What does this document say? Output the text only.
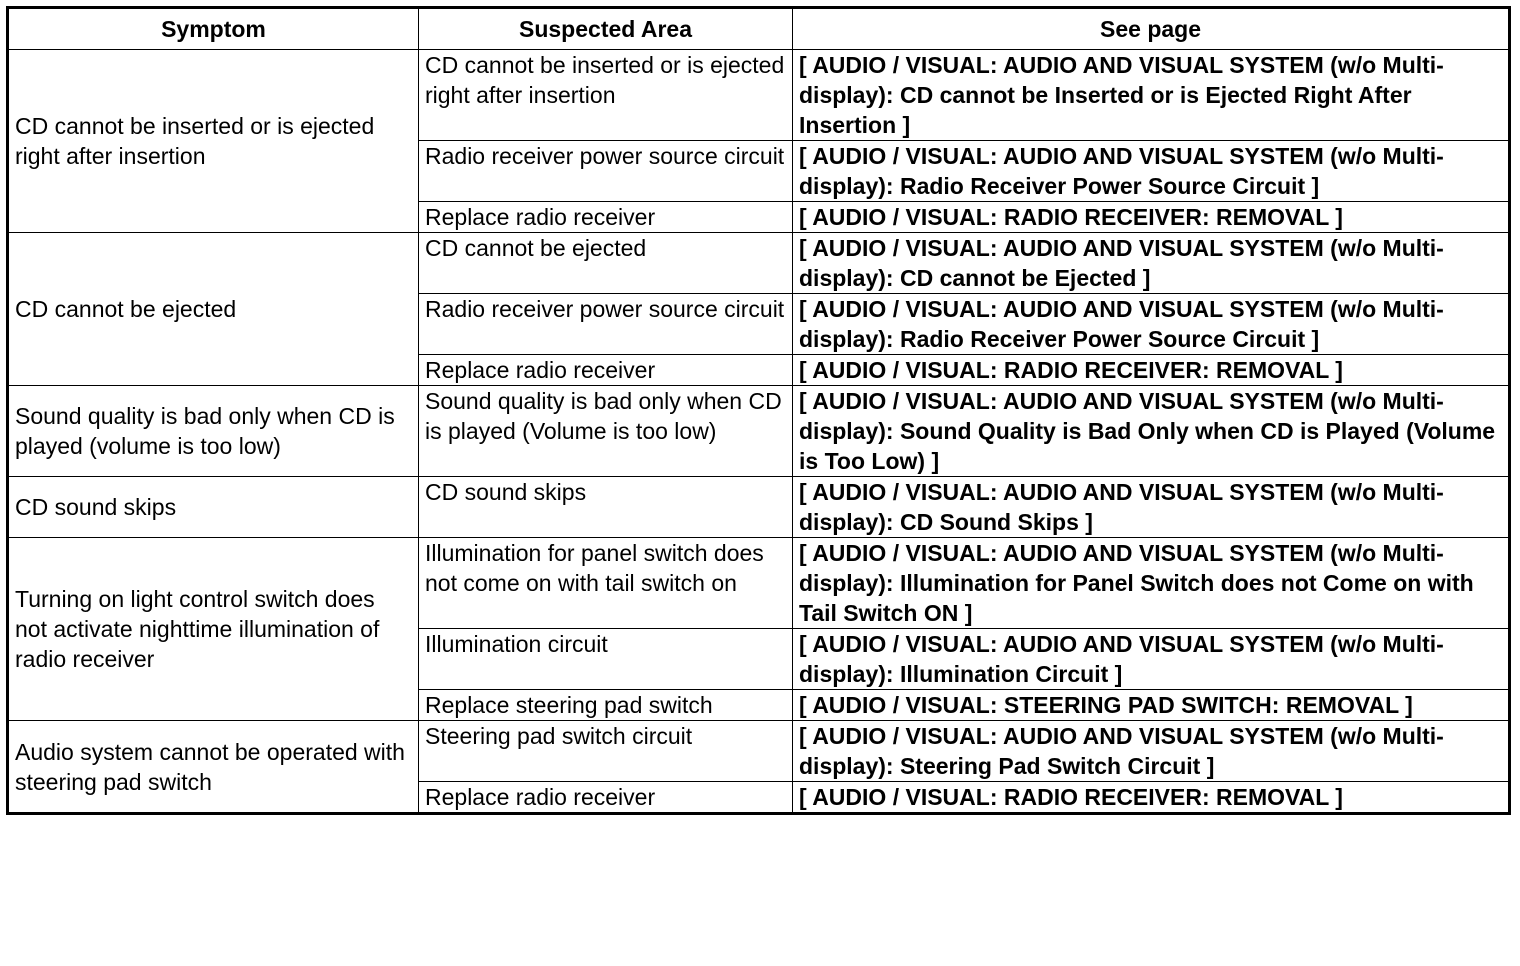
Symptom	Suspected Area	See page
CD cannot be inserted or is ejected right after insertion	CD cannot be inserted or is ejected right after insertion	[ AUDIO / VISUAL: AUDIO AND VISUAL SYSTEM (w/o Multi-display): CD cannot be Inserted or is Ejected Right After Insertion ]
	Radio receiver power source circuit	[ AUDIO / VISUAL: AUDIO AND VISUAL SYSTEM (w/o Multi-display): Radio Receiver Power Source Circuit ]
	Replace radio receiver	[ AUDIO / VISUAL: RADIO RECEIVER: REMOVAL ]
CD cannot be ejected	CD cannot be ejected	[ AUDIO / VISUAL: AUDIO AND VISUAL SYSTEM (w/o Multi-display): CD cannot be Ejected ]
	Radio receiver power source circuit	[ AUDIO / VISUAL: AUDIO AND VISUAL SYSTEM (w/o Multi-display): Radio Receiver Power Source Circuit ]
	Replace radio receiver	[ AUDIO / VISUAL: RADIO RECEIVER: REMOVAL ]
Sound quality is bad only when CD is played (volume is too low)	Sound quality is bad only when CD is played (Volume is too low)	[ AUDIO / VISUAL: AUDIO AND VISUAL SYSTEM (w/o Multi-display): Sound Quality is Bad Only when CD is Played (Volume is Too Low) ]
CD sound skips	CD sound skips	[ AUDIO / VISUAL: AUDIO AND VISUAL SYSTEM (w/o Multi-display): CD Sound Skips ]
Turning on light control switch does not activate nighttime illumination of radio receiver	Illumination for panel switch does not come on with tail switch on	[ AUDIO / VISUAL: AUDIO AND VISUAL SYSTEM (w/o Multi-display): Illumination for Panel Switch does not Come on with Tail Switch ON ]
	Illumination circuit	[ AUDIO / VISUAL: AUDIO AND VISUAL SYSTEM (w/o Multi-display): Illumination Circuit ]
	Replace steering pad switch	[ AUDIO / VISUAL: STEERING PAD SWITCH: REMOVAL ]
Audio system cannot be operated with steering pad switch	Steering pad switch circuit	[ AUDIO / VISUAL: AUDIO AND VISUAL SYSTEM (w/o Multi-display): Steering Pad Switch Circuit ]
	Replace radio receiver	[ AUDIO / VISUAL: RADIO RECEIVER: REMOVAL ]
